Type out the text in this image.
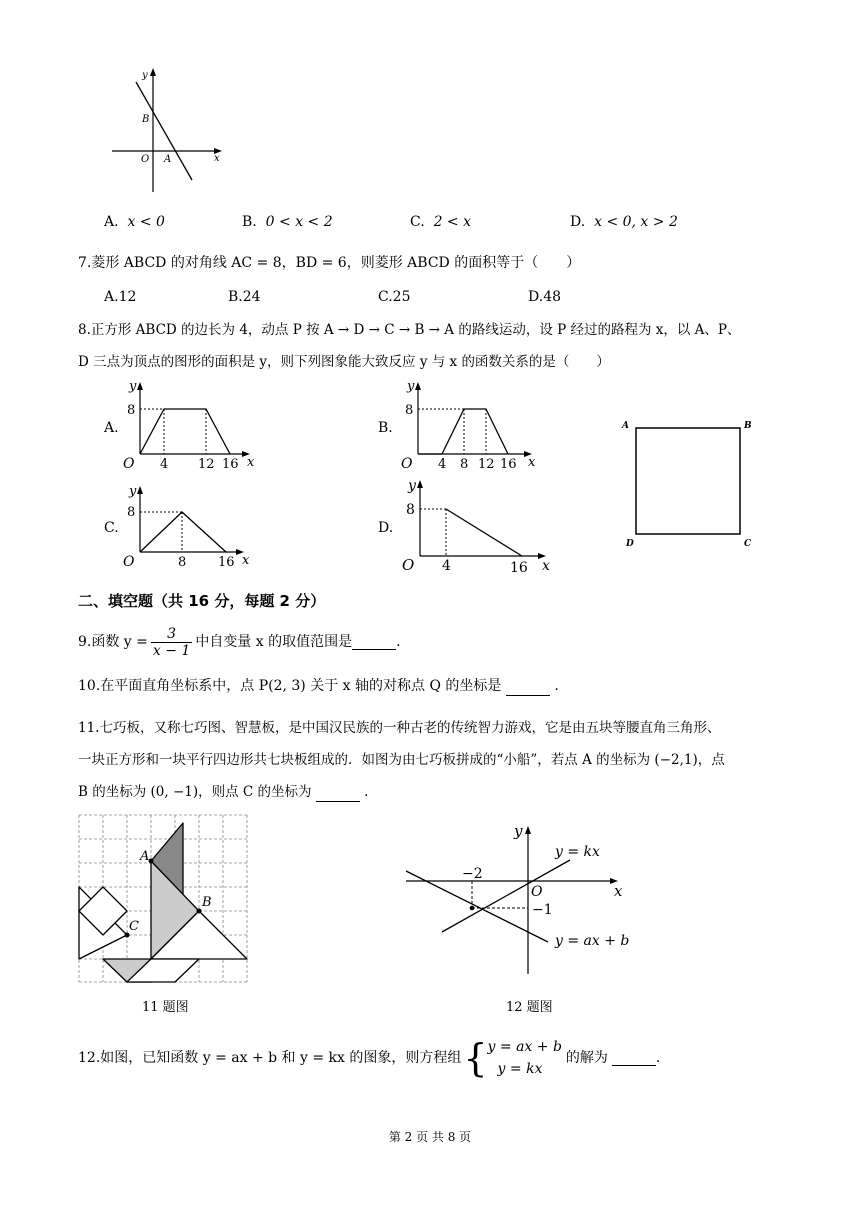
y
x
O A
B
A. x < 0	B. 0 < x < 2	C. 2 < x	D. x < 0, x > 2
7.菱形 ABCD 的对角线 AC = 8，BD = 6，则菱形 ABCD 的面积等于（　　）
A.12	B.24	C.25	D.48
8.正方形 ABCD 的边长为 4，动点 P 按 A → D → C → B → A 的路线运动，设 P 经过的路程为 x，以 A、P、
D 三点为顶点的图形的面积是 y，则下列图象能大致反应 y 与 x 的函数关系的是（　　）
A.
y
8
O 4 12 16 x
B.
y
8
O 4 8 12 16 x
A	B
D	C
C.
y
8
O	8 16 x
D.
y
8
O 4	16 x
二、填空题（共 16 分，每题 2 分）
9.函数 $y = \frac{3}{x - 1}$ 中自变量 x 的取值范围是	.
10.在平面直角坐标系中，点 P(2, 3) 关于 x 轴的对称点 Q 的坐标是	.
11.七巧板，又称七巧图、智慧板，是中国汉民族的一种古老的传统智力游戏，它是由五块等腰直角三角形、
一块正方形和一块平行四边形共七块板组成的．如图为由七巧板拼成的“小船”，若点 A 的坐标为 (−2,1)，点
B 的坐标为 (0, −1)，则点 C 的坐标为	.
A
B
C
11 题图
y
x
O
−2
−1
y = kx
y = ax + b
12 题图
12.如图，已知函数 y = ax + b 和 y = kx 的图象，则方程组 { y = ax + b
y = kx
的解为	.
第 2 页 共 8 页
